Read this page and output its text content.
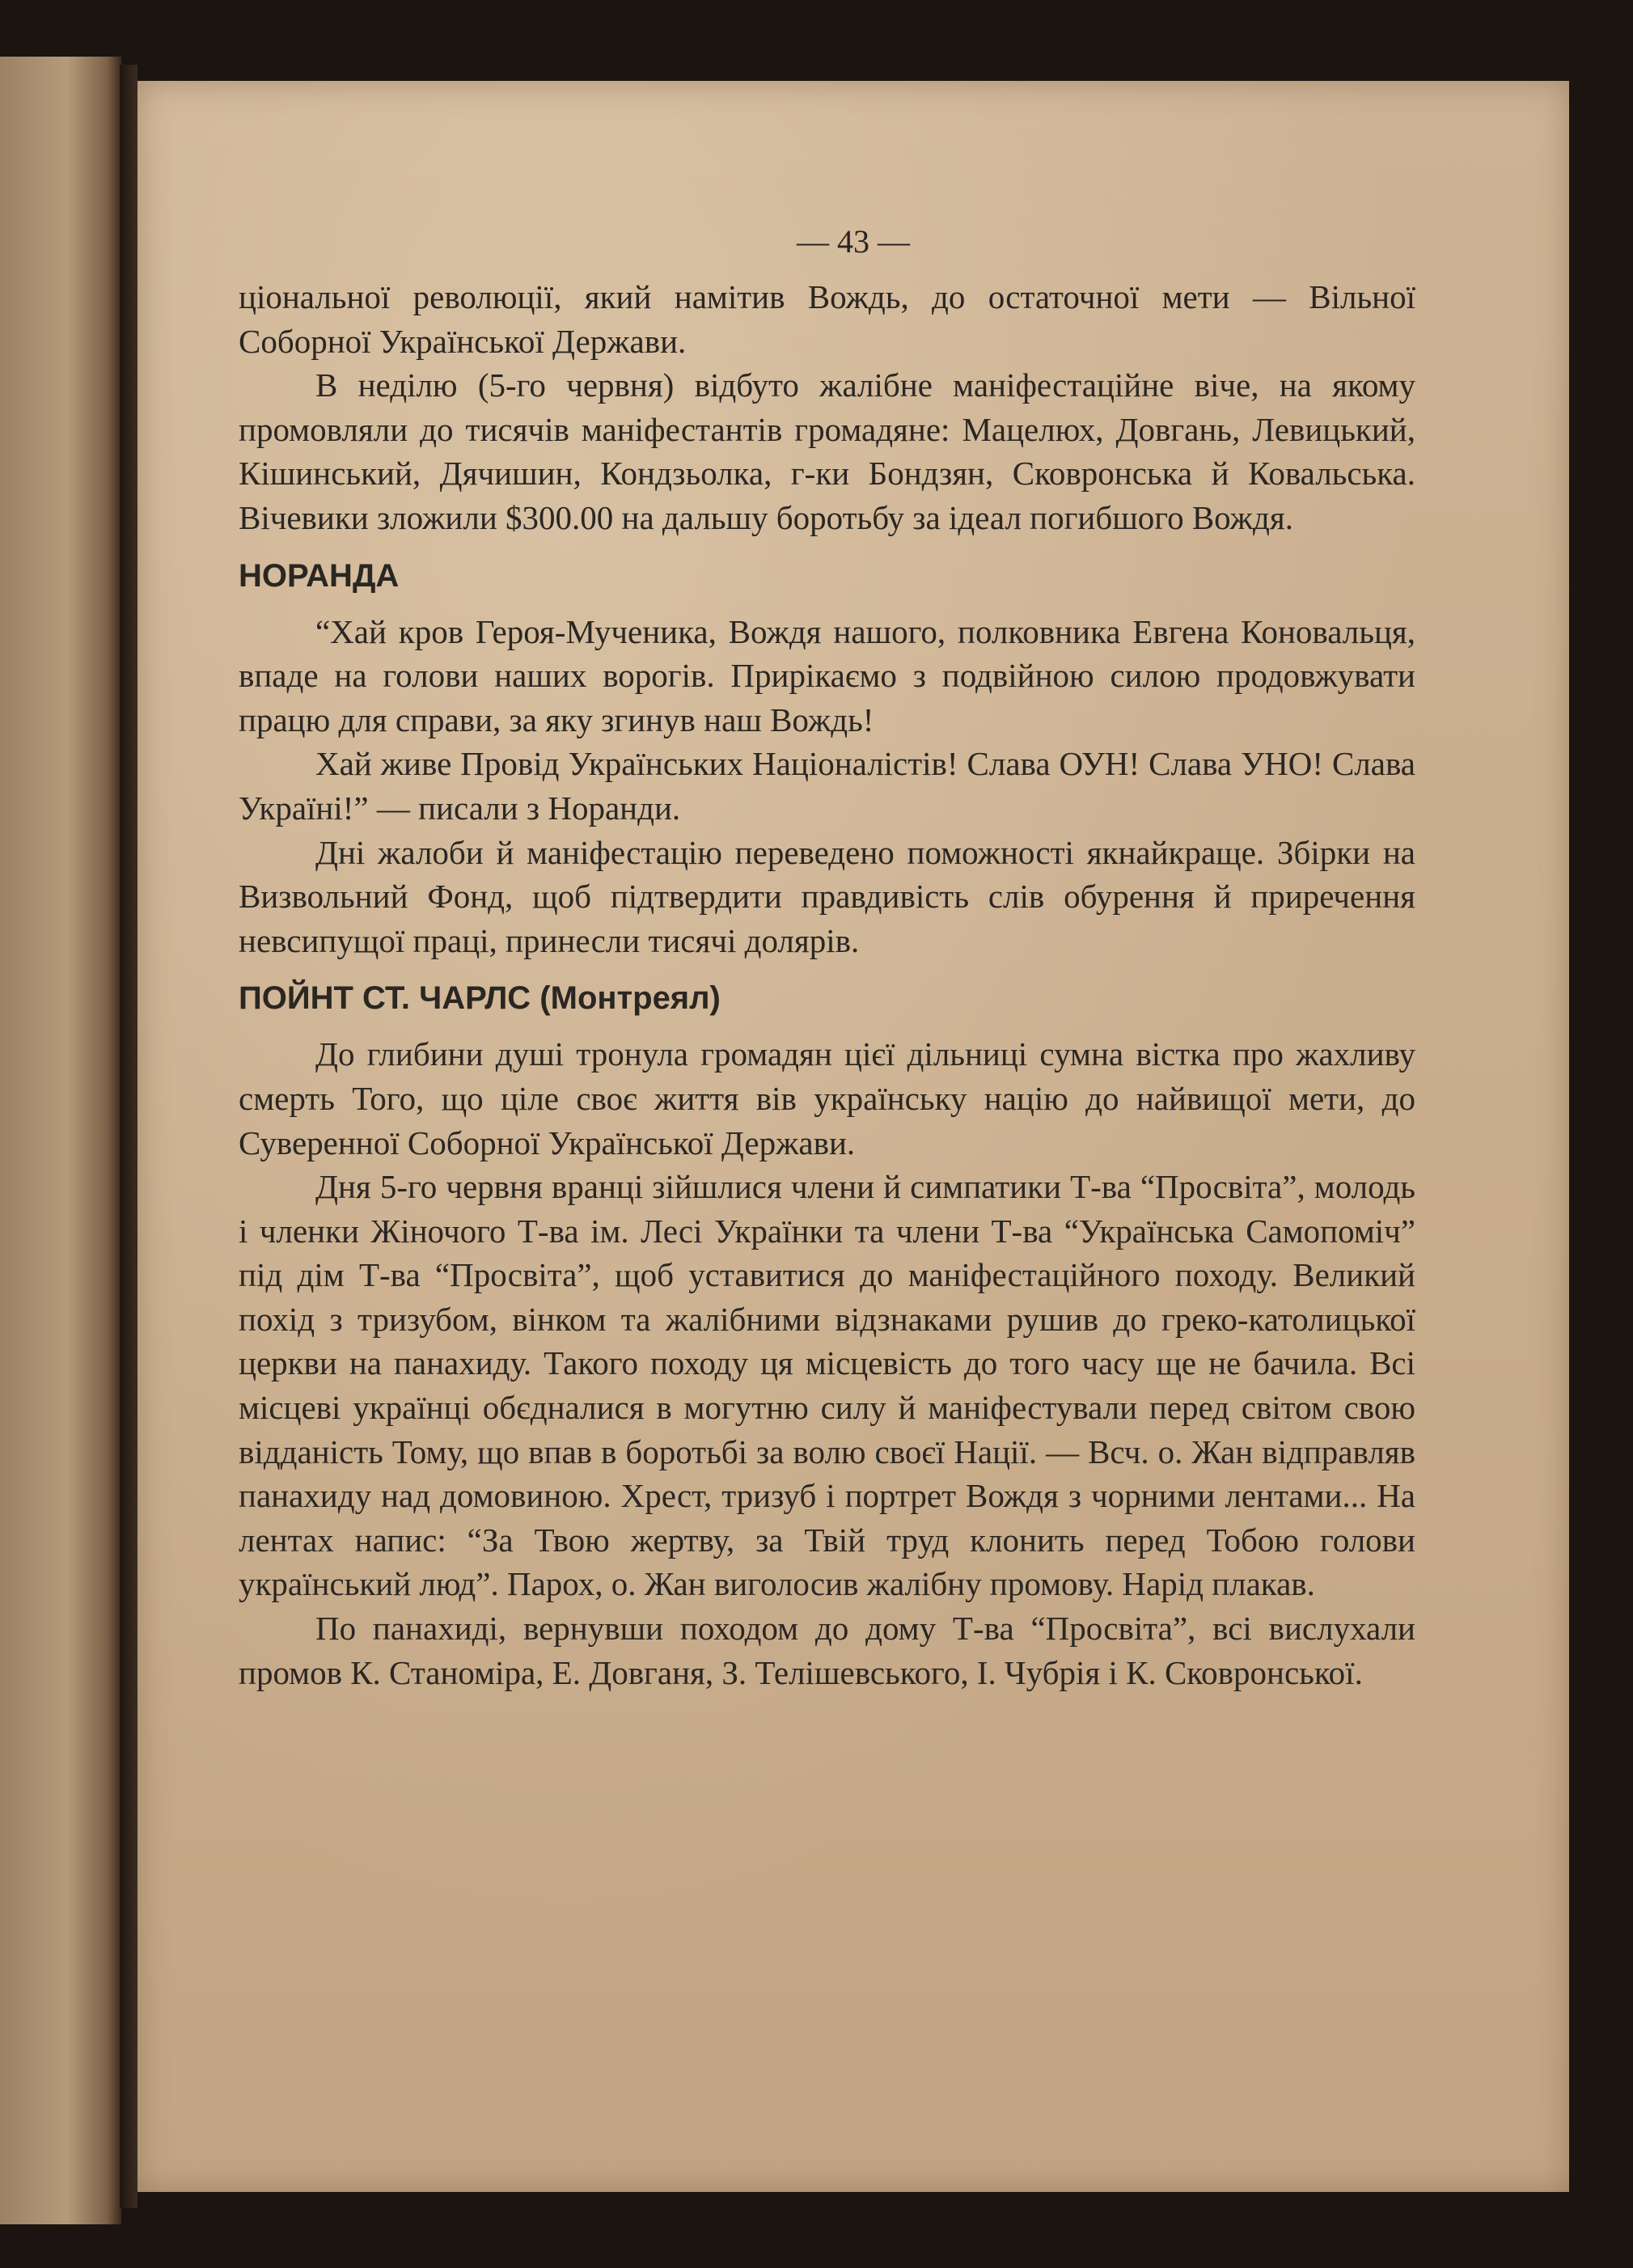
— 43 —

ціональної революції, який намітив Вождь, до остаточної мети — Вільної Соборної Української Держави.

В неділю (5-го червня) відбуто жалібне маніфестаційне віче, на якому промовляли до тисячів маніфестантів громадяне: Мацелюх, Довгань, Левицький, Кішинський, Дячишин, Кондзьолка, г-ки Бондзян, Сковронська й Ковальська. Вічевики зложили $300.00 на дальшу боротьбу за ідеал погибшого Вождя.

НОРАНДА

“Хай кров Героя-Мученика, Вождя нашого, полковника Евгена Коновальця, впаде на голови наших ворогів. Прирікаємо з подвійною силою продовжувати працю для справи, за яку згинув наш Вождь!

Хай живе Провід Українських Націоналістів! Слава ОУН! Слава УНО! Слава Україні!” — писали з Норанди.

Дні жалоби й маніфестацію переведено поможності якнайкраще. Збірки на Визвольний Фонд, щоб підтвердити правдивість слів обурення й приречення невсипущої праці, принесли тисячі долярів.

ПОЙНТ СТ. ЧАРЛС (Монтреял)

До глибини душі тронула громадян цієї дільниці сумна вістка про жахливу смерть Того, що ціле своє життя вів українську націю до найвищої мети, до Суверенної Соборної Української Держави.

Дня 5-го червня вранці зійшлися члени й симпатики Т-ва “Просвіта”, молодь і членки Жіночого Т-ва ім. Лесі Українки та члени Т-ва “Українська Самопоміч” під дім Т-ва “Просвіта”, щоб уставитися до маніфестаційного походу. Великий похід з тризубом, вінком та жалібними відзнаками рушив до греко-католицької церкви на панахиду. Такого походу ця місцевість до того часу ще не бачила. Всі місцеві українці обєдналися в могутню силу й маніфестували перед світом свою відданість Тому, що впав в боротьбі за волю своєї Нації. — Всч. о. Жан відправляв панахиду над домовиною. Хрест, тризуб і портрет Вождя з чорними лентами... На лентах напис: “За Твою жертву, за Твій труд клонить перед Тобою голови український люд”. Парох, о. Жан виголосив жалібну промову. Нарід плакав.

По панахиді, вернувши походом до дому Т-ва “Просвіта”, всі вислухали промов К. Станоміра, Е. Довганя, З. Телішевського, І. Чубрія і К. Сковронської.
